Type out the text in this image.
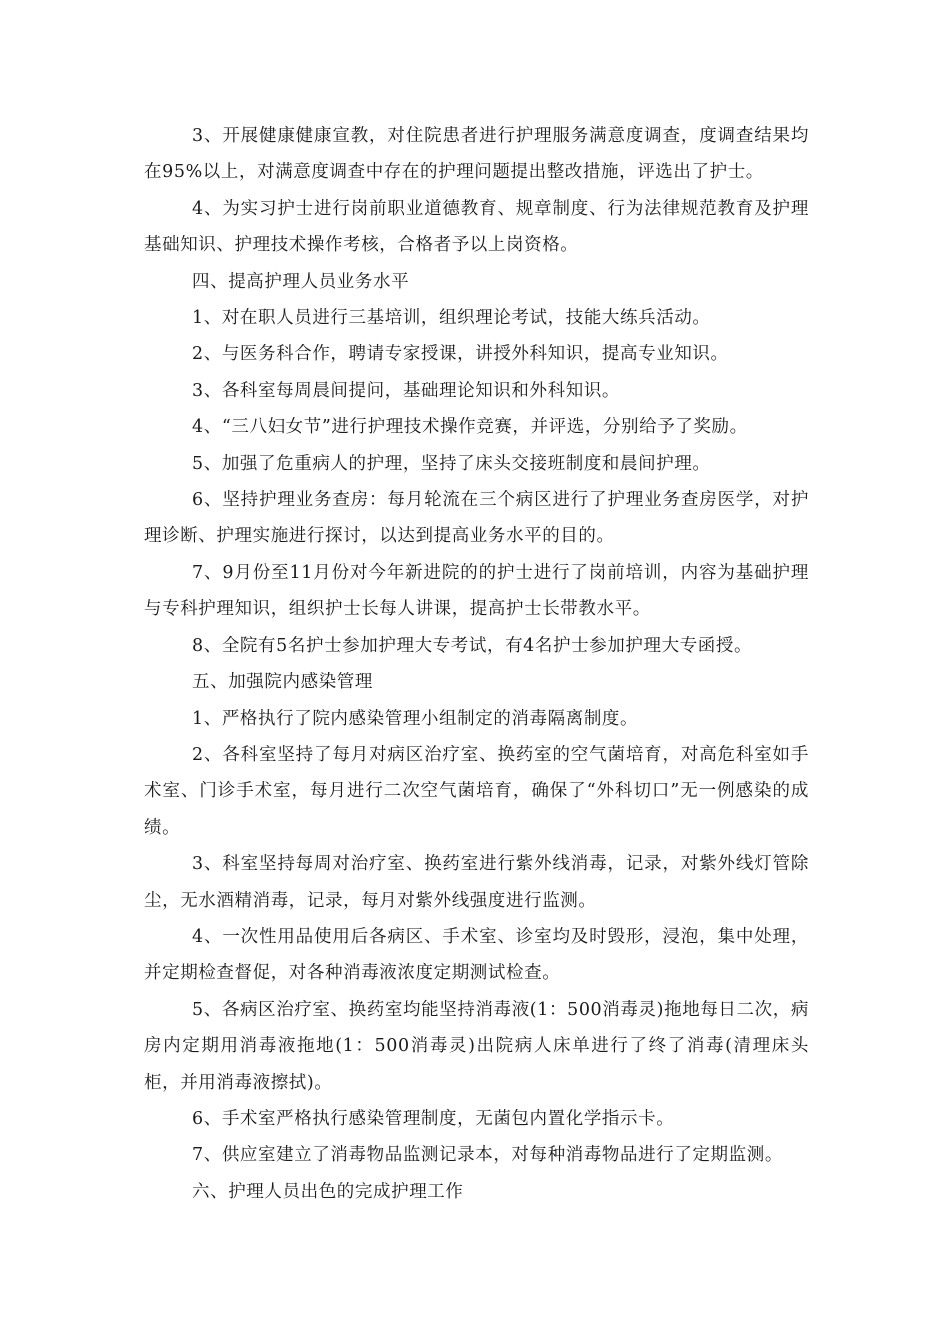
3、开展健康健康宣教，对住院患者进行护理服务满意度调查，度调查结果均在95%以上，对满意度调查中存在的护理问题提出整改措施，评选出了护士。

4、为实习护士进行岗前职业道德教育、规章制度、行为法律规范教育及护理基础知识、护理技术操作考核，合格者予以上岗资格。

四、提高护理人员业务水平

1、对在职人员进行三基培训，组织理论考试，技能大练兵活动。

2、与医务科合作，聘请专家授课，讲授外科知识，提高专业知识。

3、各科室每周晨间提问，基础理论知识和外科知识。

4、“三八妇女节”进行护理技术操作竞赛，并评选，分别给予了奖励。

5、加强了危重病人的护理，坚持了床头交接班制度和晨间护理。

6、坚持护理业务查房：每月轮流在三个病区进行了护理业务查房医学，对护理诊断、护理实施进行探讨，以达到提高业务水平的目的。

7、9月份至11月份对今年新进院的的护士进行了岗前培训，内容为基础护理与专科护理知识，组织护士长每人讲课，提高护士长带教水平。

8、全院有5名护士参加护理大专考试，有4名护士参加护理大专函授。

五、加强院内感染管理

1、严格执行了院内感染管理小组制定的消毒隔离制度。

2、各科室坚持了每月对病区治疗室、换药室的空气菌培育，对高危科室如手术室、门诊手术室，每月进行二次空气菌培育，确保了“外科切口”无一例感染的成绩。

3、科室坚持每周对治疗室、换药室进行紫外线消毒，记录，对紫外线灯管除尘，无水酒精消毒，记录，每月对紫外线强度进行监测。

4、一次性用品使用后各病区、手术室、诊室均及时毁形，浸泡，集中处理，并定期检查督促，对各种消毒液浓度定期测试检查。

5、各病区治疗室、换药室均能坚持消毒液(1：500消毒灵)拖地每日二次，病房内定期用消毒液拖地(1：500消毒灵)出院病人床单进行了终了消毒(清理床头柜，并用消毒液擦拭)。

6、手术室严格执行感染管理制度，无菌包内置化学指示卡。

7、供应室建立了消毒物品监测记录本，对每种消毒物品进行了定期监测。

六、护理人员出色的完成护理工作
